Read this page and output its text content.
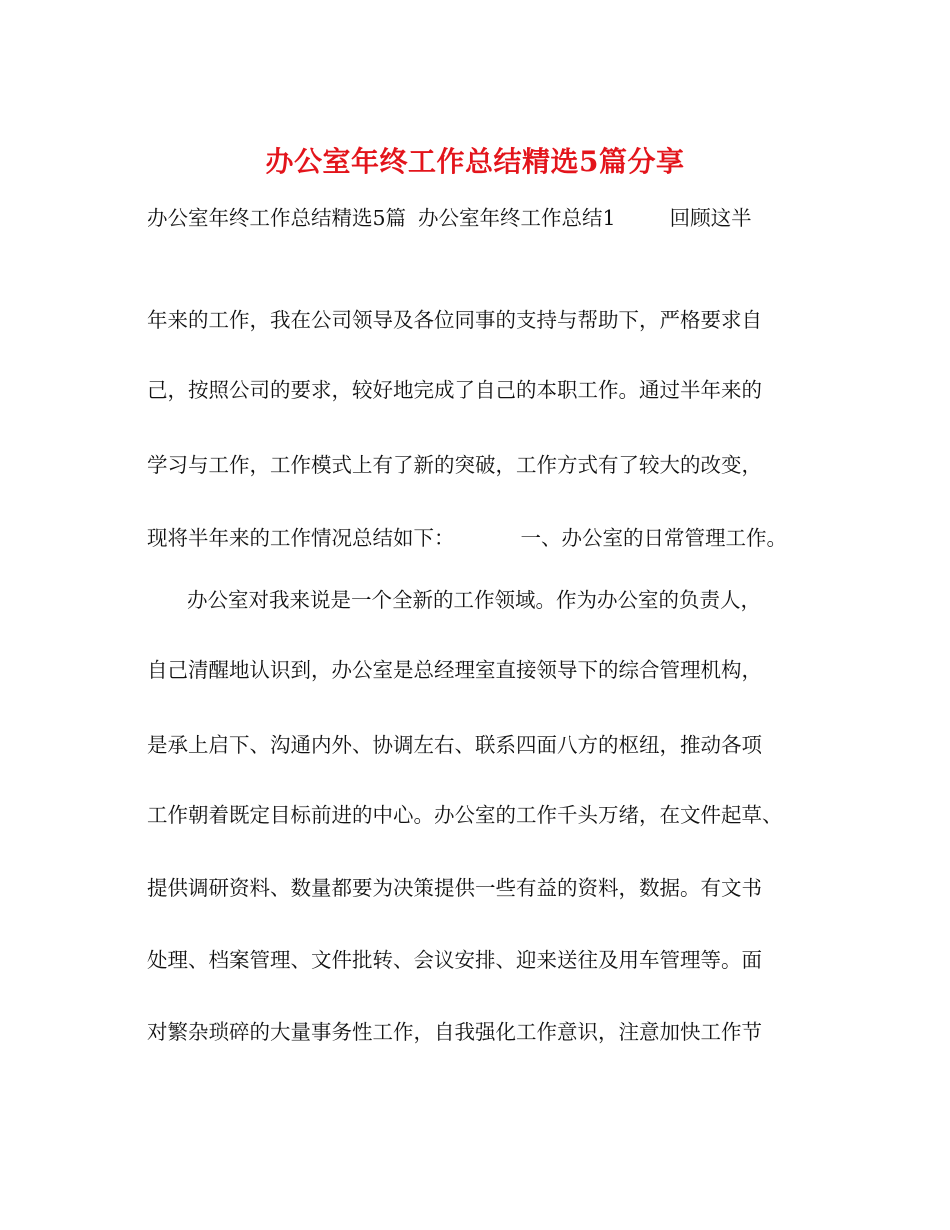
办公室年终工作总结精选5篇分享
办公室年终工作总结精选5篇 办公室年终工作总结1	回顾这半
年来的工作，我在公司领导及各位同事的支持与帮助下，严格要求自
己，按照公司的要求，较好地完成了自己的本职工作。通过半年来的
学习与工作，工作模式上有了新的突破，工作方式有了较大的改变，
现将半年来的工作情况总结如下：	一、办公室的日常管理工作。
办公室对我来说是一个全新的工作领域。作为办公室的负责人，
自己清醒地认识到，办公室是总经理室直接领导下的综合管理机构，
是承上启下、沟通内外、协调左右、联系四面八方的枢纽，推动各项
工作朝着既定目标前进的中心。办公室的工作千头万绪，在文件起草、
提供调研资料、数量都要为决策提供一些有益的资料，数据。有文书
处理、档案管理、文件批转、会议安排、迎来送往及用车管理等。面
对繁杂琐碎的大量事务性工作，自我强化工作意识，注意加快工作节
